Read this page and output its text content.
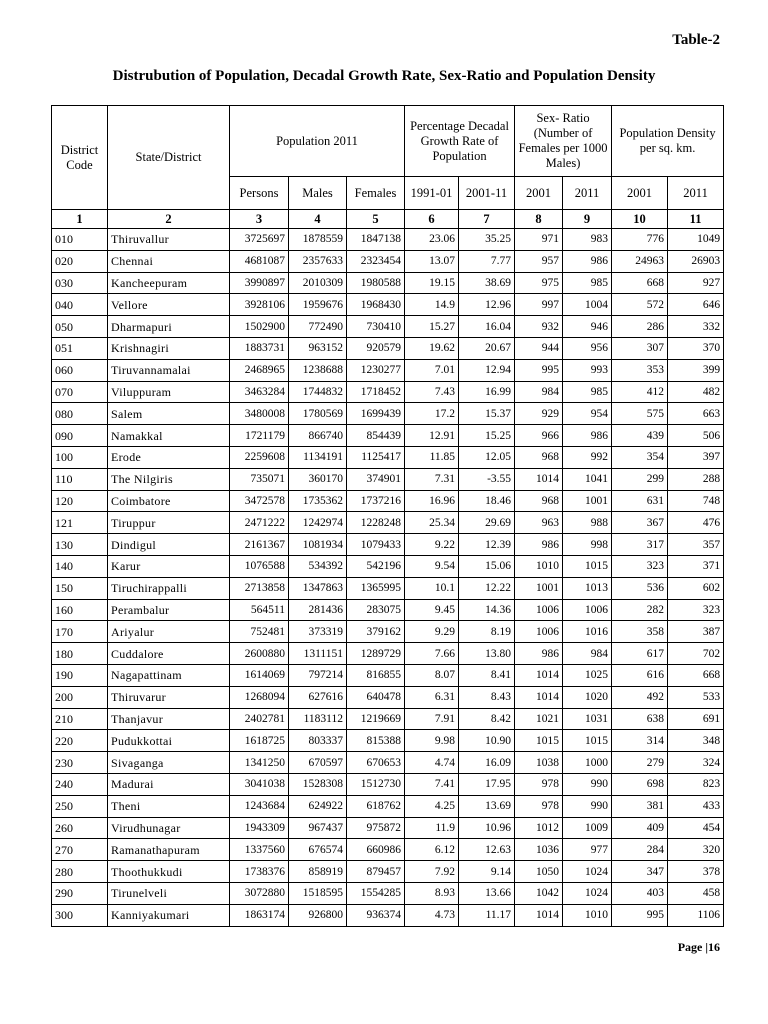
Table-2
Distrubution of Population, Decadal Growth Rate, Sex-Ratio and Population Density
District Code	State/District	Population 2011			Percentage Decadal Growth Rate of Population		Sex- Ratio (Number of Females per 1000 Males)		Population Density per sq. km.	
		Persons	Males	Females	1991-01	2001-11	2001	2011	2001	2011
1	2	3	4	5	6	7	8	9	10	11
010	Thiruvallur	3725697	1878559	1847138	23.06	35.25	971	983	776	1049
020	Chennai	4681087	2357633	2323454	13.07	7.77	957	986	24963	26903
030	Kancheepuram	3990897	2010309	1980588	19.15	38.69	975	985	668	927
040	Vellore	3928106	1959676	1968430	14.9	12.96	997	1004	572	646
050	Dharmapuri	1502900	772490	730410	15.27	16.04	932	946	286	332
051	Krishnagiri	1883731	963152	920579	19.62	20.67	944	956	307	370
060	Tiruvannamalai	2468965	1238688	1230277	7.01	12.94	995	993	353	399
070	Viluppuram	3463284	1744832	1718452	7.43	16.99	984	985	412	482
080	Salem	3480008	1780569	1699439	17.2	15.37	929	954	575	663
090	Namakkal	1721179	866740	854439	12.91	15.25	966	986	439	506
100	Erode	2259608	1134191	1125417	11.85	12.05	968	992	354	397
110	The Nilgiris	735071	360170	374901	7.31	-3.55	1014	1041	299	288
120	Coimbatore	3472578	1735362	1737216	16.96	18.46	968	1001	631	748
121	Tiruppur	2471222	1242974	1228248	25.34	29.69	963	988	367	476
130	Dindigul	2161367	1081934	1079433	9.22	12.39	986	998	317	357
140	Karur	1076588	534392	542196	9.54	15.06	1010	1015	323	371
150	Tiruchirappalli	2713858	1347863	1365995	10.1	12.22	1001	1013	536	602
160	Perambalur	564511	281436	283075	9.45	14.36	1006	1006	282	323
170	Ariyalur	752481	373319	379162	9.29	8.19	1006	1016	358	387
180	Cuddalore	2600880	1311151	1289729	7.66	13.80	986	984	617	702
190	Nagapattinam	1614069	797214	816855	8.07	8.41	1014	1025	616	668
200	Thiruvarur	1268094	627616	640478	6.31	8.43	1014	1020	492	533
210	Thanjavur	2402781	1183112	1219669	7.91	8.42	1021	1031	638	691
220	Pudukkottai	1618725	803337	815388	9.98	10.90	1015	1015	314	348
230	Sivaganga	1341250	670597	670653	4.74	16.09	1038	1000	279	324
240	Madurai	3041038	1528308	1512730	7.41	17.95	978	990	698	823
250	Theni	1243684	624922	618762	4.25	13.69	978	990	381	433
260	Virudhunagar	1943309	967437	975872	11.9	10.96	1012	1009	409	454
270	Ramanathapuram	1337560	676574	660986	6.12	12.63	1036	977	284	320
280	Thoothukkudi	1738376	858919	879457	7.92	9.14	1050	1024	347	378
290	Tirunelveli	3072880	1518595	1554285	8.93	13.66	1042	1024	403	458
300	Kanniyakumari	1863174	926800	936374	4.73	11.17	1014	1010	995	1106
Page |16
